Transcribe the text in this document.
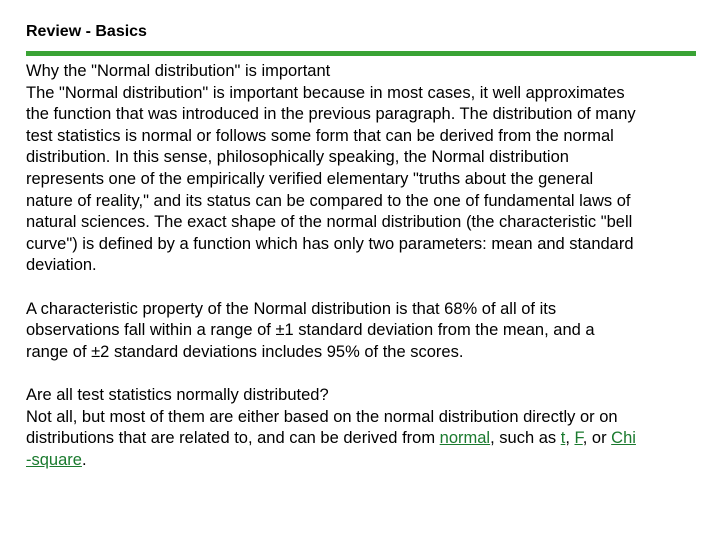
Review - Basics
Why the "Normal distribution" is important
The "Normal distribution" is important because in most cases, it well approximates
the function that was introduced in the previous paragraph. The distribution of many
test statistics is normal or follows some form that can be derived from the normal
distribution. In this sense, philosophically speaking, the Normal distribution
represents one of the empirically verified elementary "truths about the general
nature of reality," and its status can be compared to the one of fundamental laws of
natural sciences. The exact shape of the normal distribution (the characteristic "bell
curve") is defined by a function which has only two parameters: mean and standard
deviation.
A characteristic property of the Normal distribution is that 68% of all of its
observations fall within a range of ±1 standard deviation from the mean, and a
range of ±2 standard deviations includes 95% of the scores.
Are all test statistics normally distributed?
Not all, but most of them are either based on the normal distribution directly or on
distributions that are related to, and can be derived from normal, such as t, F, or Chi
-square.
